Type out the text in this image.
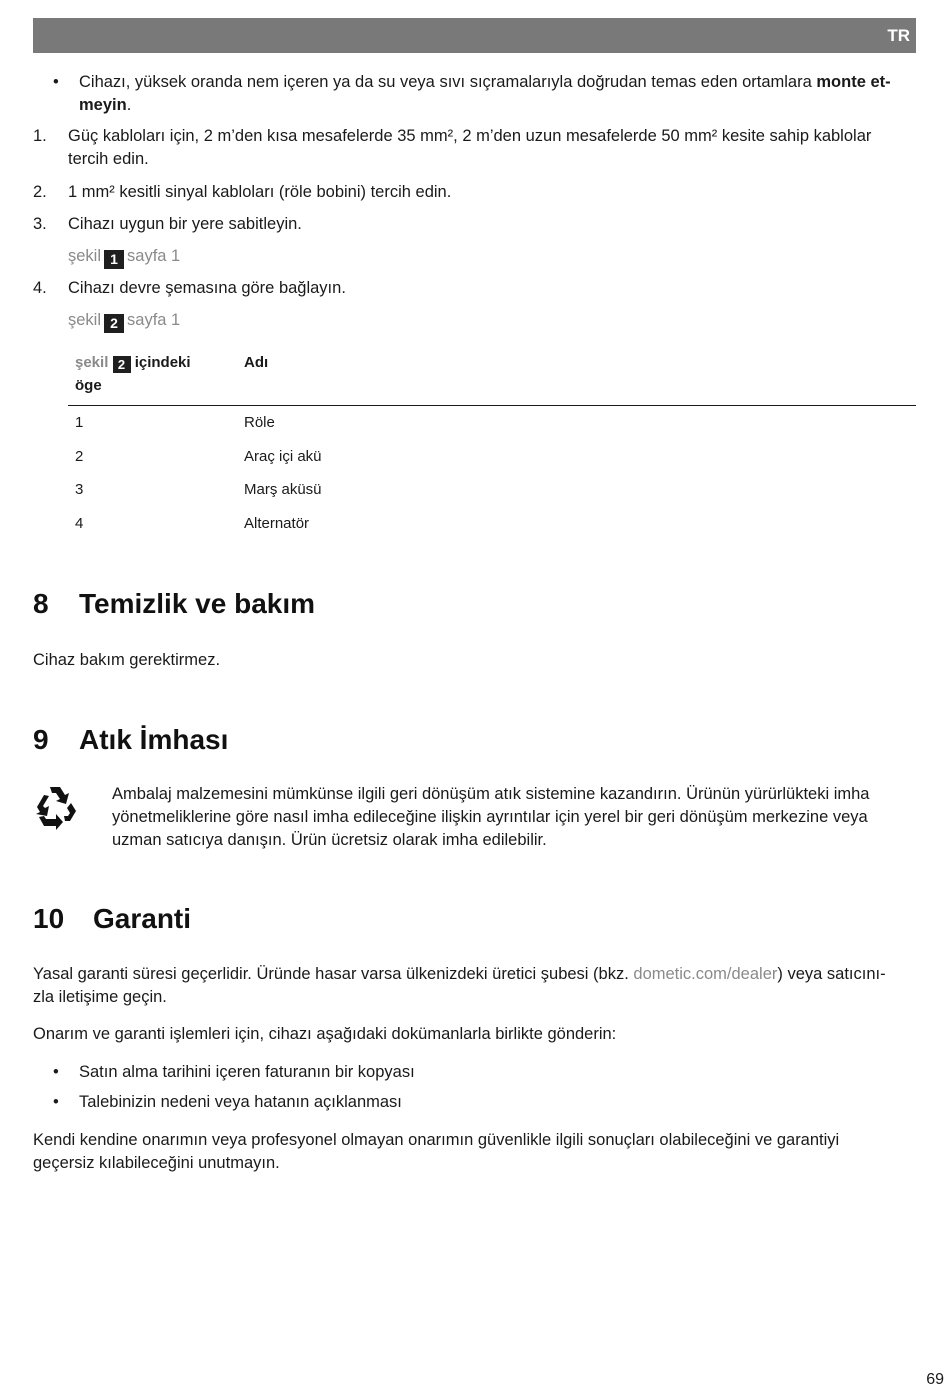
TR
•	Cihazı, yüksek oranda nem içeren ya da su veya sıvı sıçramalarıyla doğrudan temas eden ortamlara monte et-
meyin.
1.	Güç kabloları için, 2 m’den kısa mesafelerde 35 mm², 2 m’den uzun mesafelerde 50 mm² kesite sahip kablolar
tercih edin.
2.	1 mm² kesitli sinyal kabloları (röle bobini) tercih edin.
3.	Cihazı uygun bir yere sabitleyin.
şekil 1 sayfa 1
4.	Cihazı devre şemasına göre bağlayın.
şekil 2 sayfa 1
şekil 2 içindeki
öge	Adı
1	Röle
2	Araç içi akü
3	Marş aküsü
4	Alternatör
8 Temizlik ve bakım
Cihaz bakım gerektirmez.
9 Atık İmhası
Ambalaj malzemesini mümkünse ilgili geri dönüşüm atık sistemine kazandırın. Ürünün yürürlükteki imha
yönetmeliklerine göre nasıl imha edileceğine ilişkin ayrıntılar için yerel bir geri dönüşüm merkezine veya
uzman satıcıya danışın. Ürün ücretsiz olarak imha edilebilir.
10 Garanti
Yasal garanti süresi geçerlidir. Üründe hasar varsa ülkenizdeki üretici şubesi (bkz. dometic.com/dealer) veya satıcını-
zla iletişime geçin.
Onarım ve garanti işlemleri için, cihazı aşağıdaki dokümanlarla birlikte gönderin:
•	Satın alma tarihini içeren faturanın bir kopyası
•	Talebinizin nedeni veya hatanın açıklanması
Kendi kendine onarımın veya profesyonel olmayan onarımın güvenlikle ilgili sonuçları olabileceğini ve garantiyi
geçersiz kılabileceğini unutmayın.
69
